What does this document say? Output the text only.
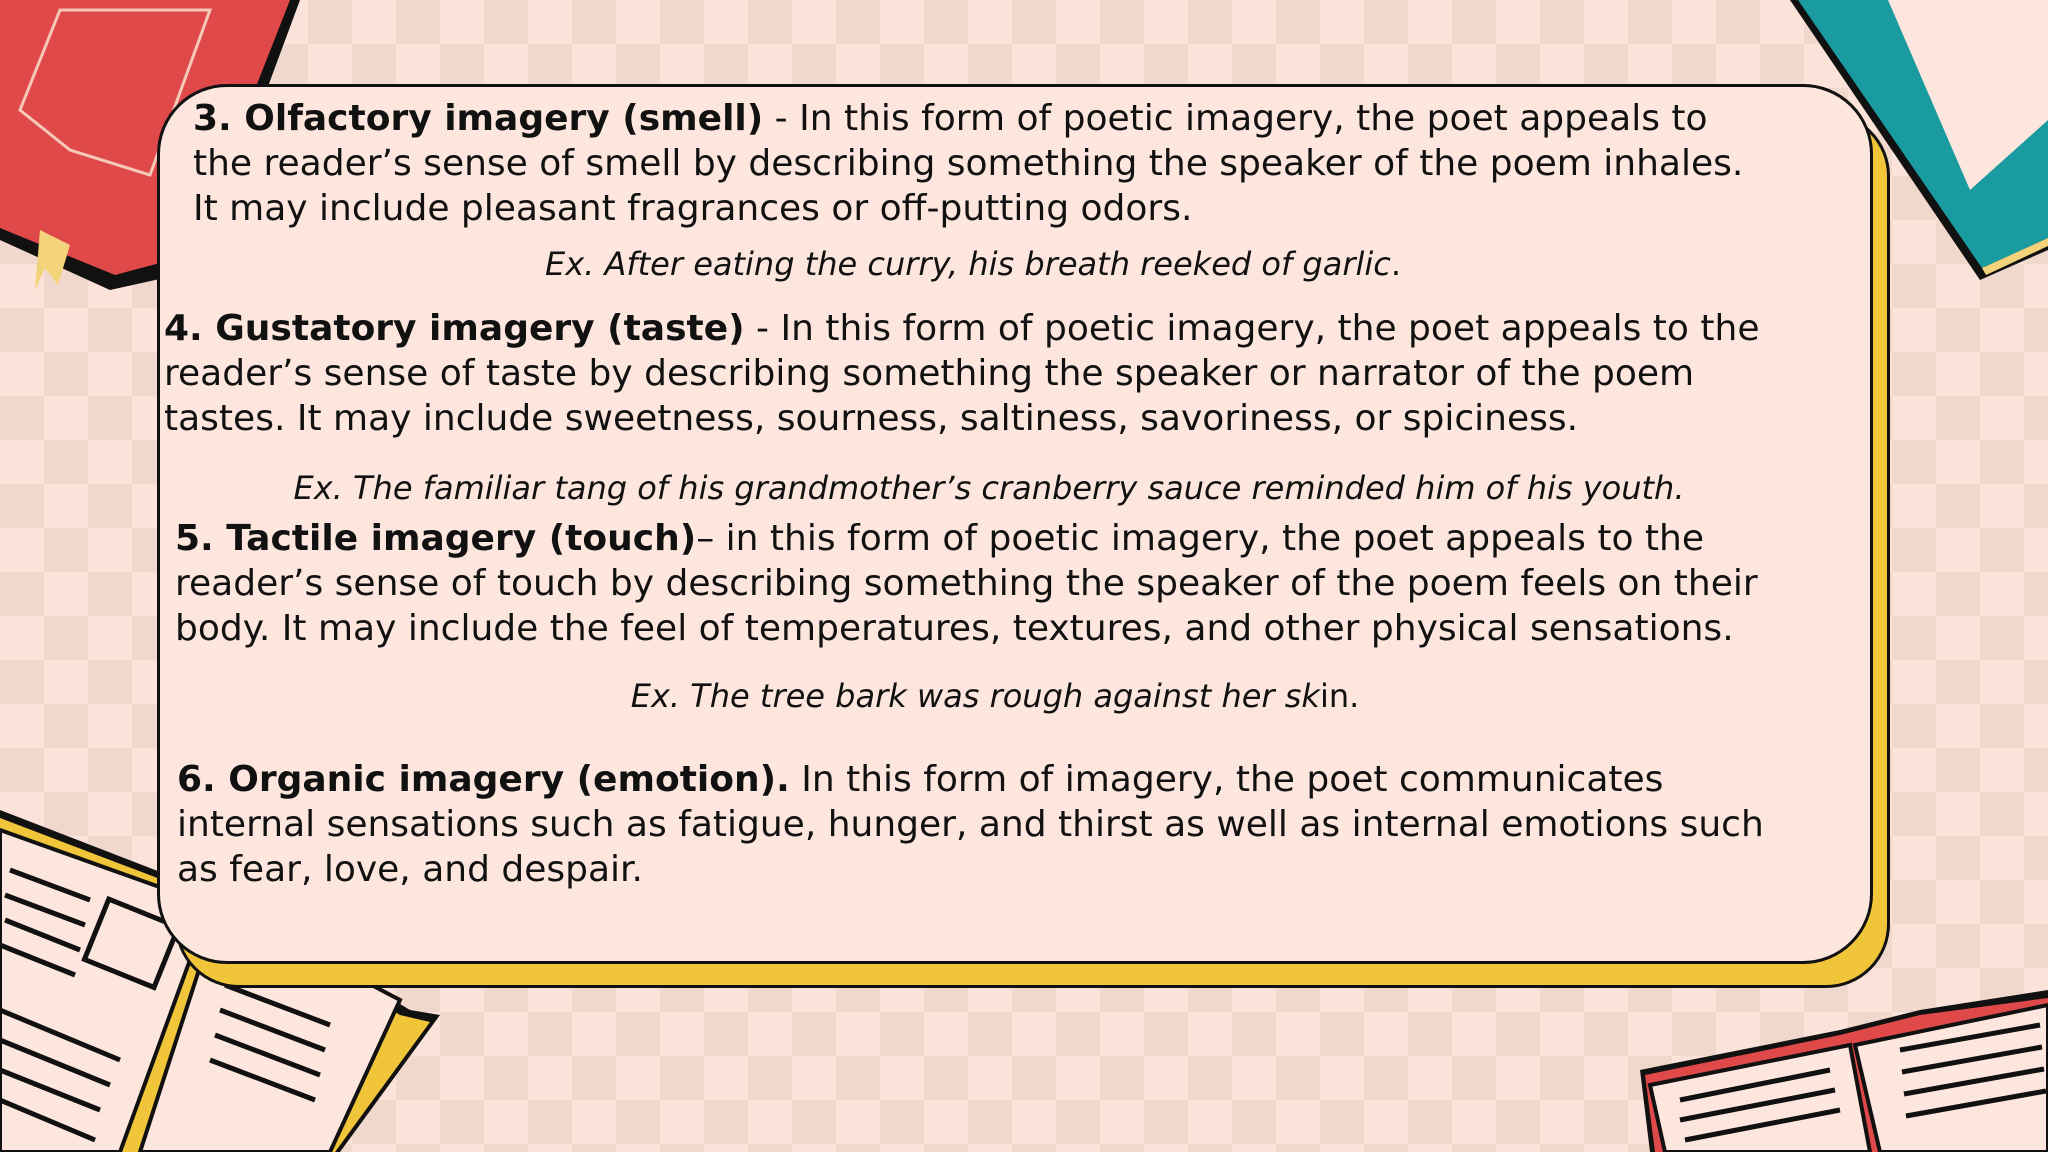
3. Olfactory imagery (smell) - In this form of poetic imagery, the poet appeals to the reader’s sense of smell by describing something the speaker of the poem inhales. It may include pleasant fragrances or off-putting odors.
Ex. After eating the curry, his breath reeked of garlic.
4. Gustatory imagery (taste) - In this form of poetic imagery, the poet appeals to the reader’s sense of taste by describing something the speaker or narrator of the poem tastes. It may include sweetness, sourness, saltiness, savoriness, or spiciness.
Ex. The familiar tang of his grandmother’s cranberry sauce reminded him of his youth.
5. Tactile imagery (touch)– in this form of poetic imagery, the poet appeals to the reader’s sense of touch by describing something the speaker of the poem feels on their body. It may include the feel of temperatures, textures, and other physical sensations.
Ex. The tree bark was rough against her skin.
6. Organic imagery (emotion). In this form of imagery, the poet communicates internal sensations such as fatigue, hunger, and thirst as well as internal emotions such as fear, love, and despair.
